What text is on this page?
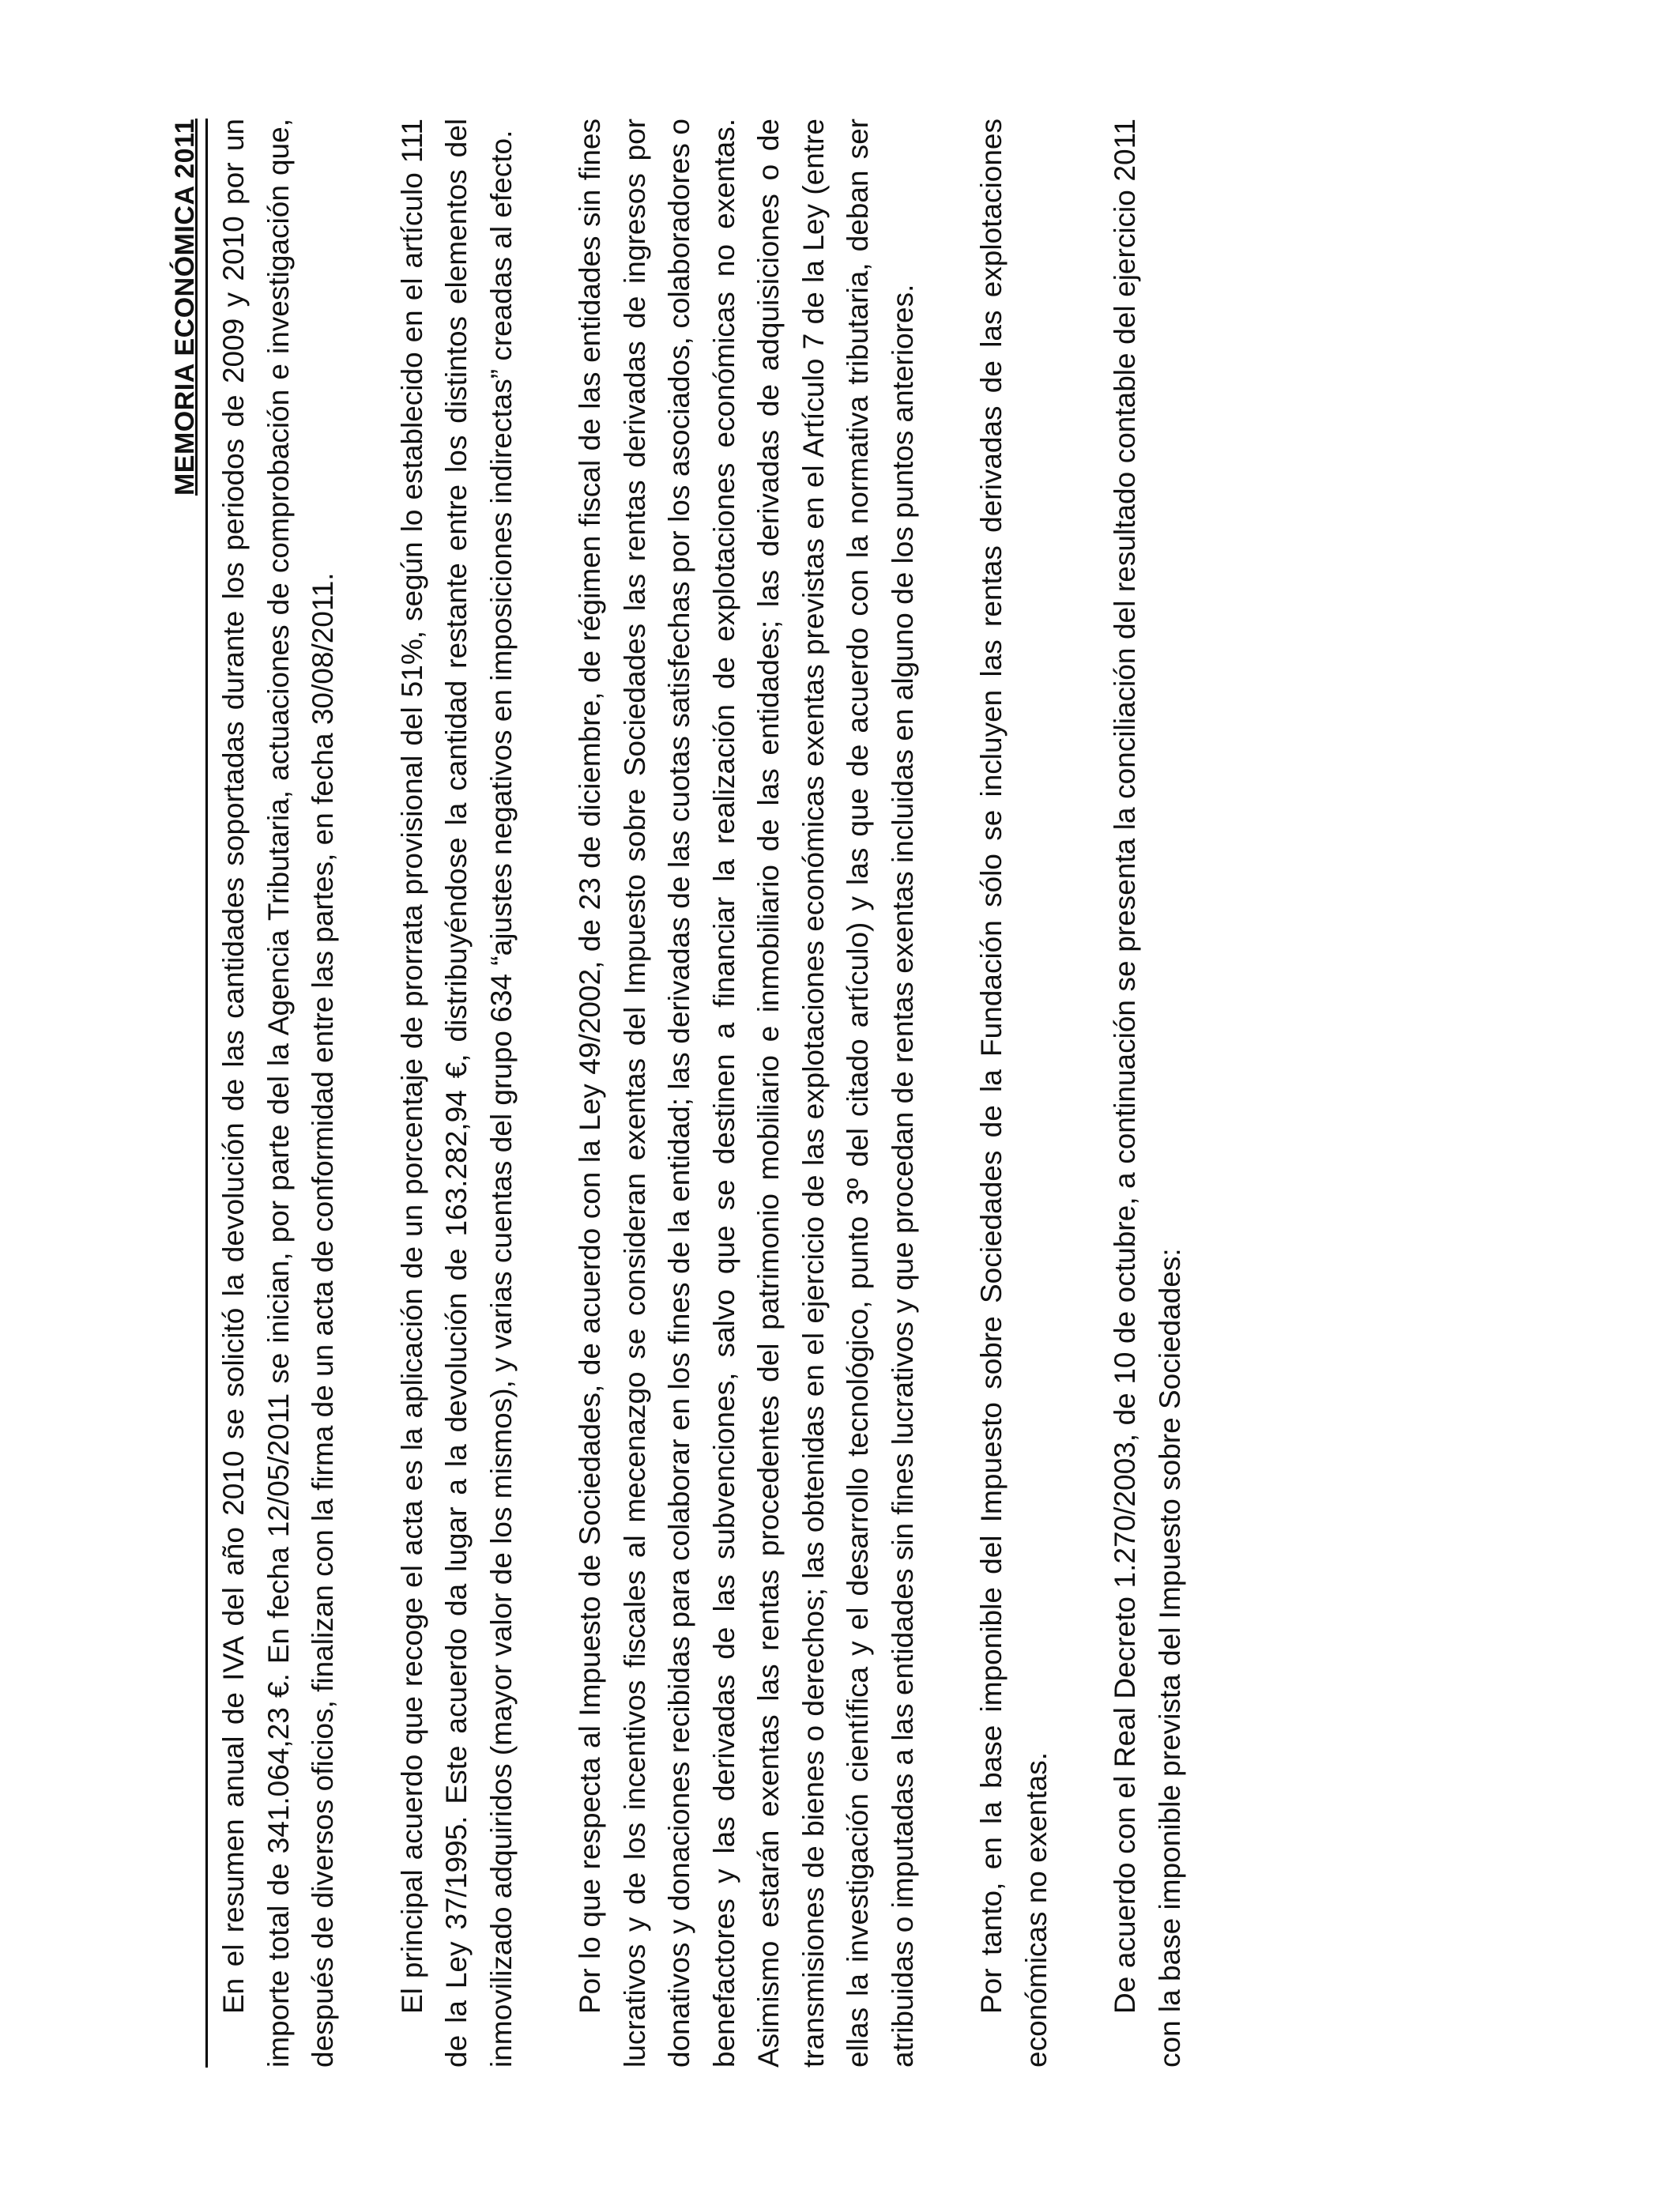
MEMORIA ECONÓMICA 2011 En el resumen anual de IVA del año 2010 se solicitó la devolución de las cantidades soportadas durante los periodos de 2009 y 2010 por un importe total de 341.064,23 €. En fecha 12/05/2011 se inician, por parte del la Agencia Tributaria, actuaciones de comprobación e investigación que, después de diversos oficios, finalizan con la firma de un acta de conformidad entre las partes, en fecha 30/08/2011. El principal acuerdo que recoge el acta es la aplicación de un porcentaje de prorrata provisional del 51%, según lo establecido en el artículo 111 de la Ley 37/1995. Este acuerdo da lugar a la devolución de 163.282,94 €, distribuyéndose la cantidad restante entre los distintos elementos del inmovilizado adquiridos (mayor valor de los mismos), y varias cuentas del grupo 634 “ajustes negativos en imposiciones indirectas” creadas al efecto. Por lo que respecta al Impuesto de Sociedades, de acuerdo con la Ley 49/2002, de 23 de diciembre, de régimen fiscal de las entidades sin fines lucrativos y de los incentivos fiscales al mecenazgo se consideran exentas del Impuesto sobre Sociedades las rentas derivadas de ingresos por donativos y donaciones recibidas para colaborar en los fines de la entidad; las derivadas de las cuotas satisfechas por los asociados, colaboradores o benefactores y las derivadas de las subvenciones, salvo que se destinen a financiar la realización de explotaciones económicas no exentas. Asimismo estarán exentas las rentas procedentes del patrimonio mobiliario e inmobiliario de las entidades; las derivadas de adquisiciones o de transmisiones de bienes o derechos; las obtenidas en el ejercicio de las explotaciones económicas exentas previstas en el Artículo 7 de la Ley (entre ellas la investigación científica y el desarrollo tecnológico, punto 3º del citado artículo) y las que de acuerdo con la normativa tributaria, deban ser atribuidas o imputadas a las entidades sin fines lucrativos y que procedan de rentas exentas incluidas en alguno de los puntos anteriores. Por tanto, en la base imponible del Impuesto sobre Sociedades de la Fundación sólo se incluyen las rentas derivadas de las explotaciones económicas no exentas. De acuerdo con el Real Decreto 1.270/2003, de 10 de octubre, a continuación se presenta la conciliación del resultado contable del ejercicio 2011 con la base imponible prevista del Impuesto sobre Sociedades:
